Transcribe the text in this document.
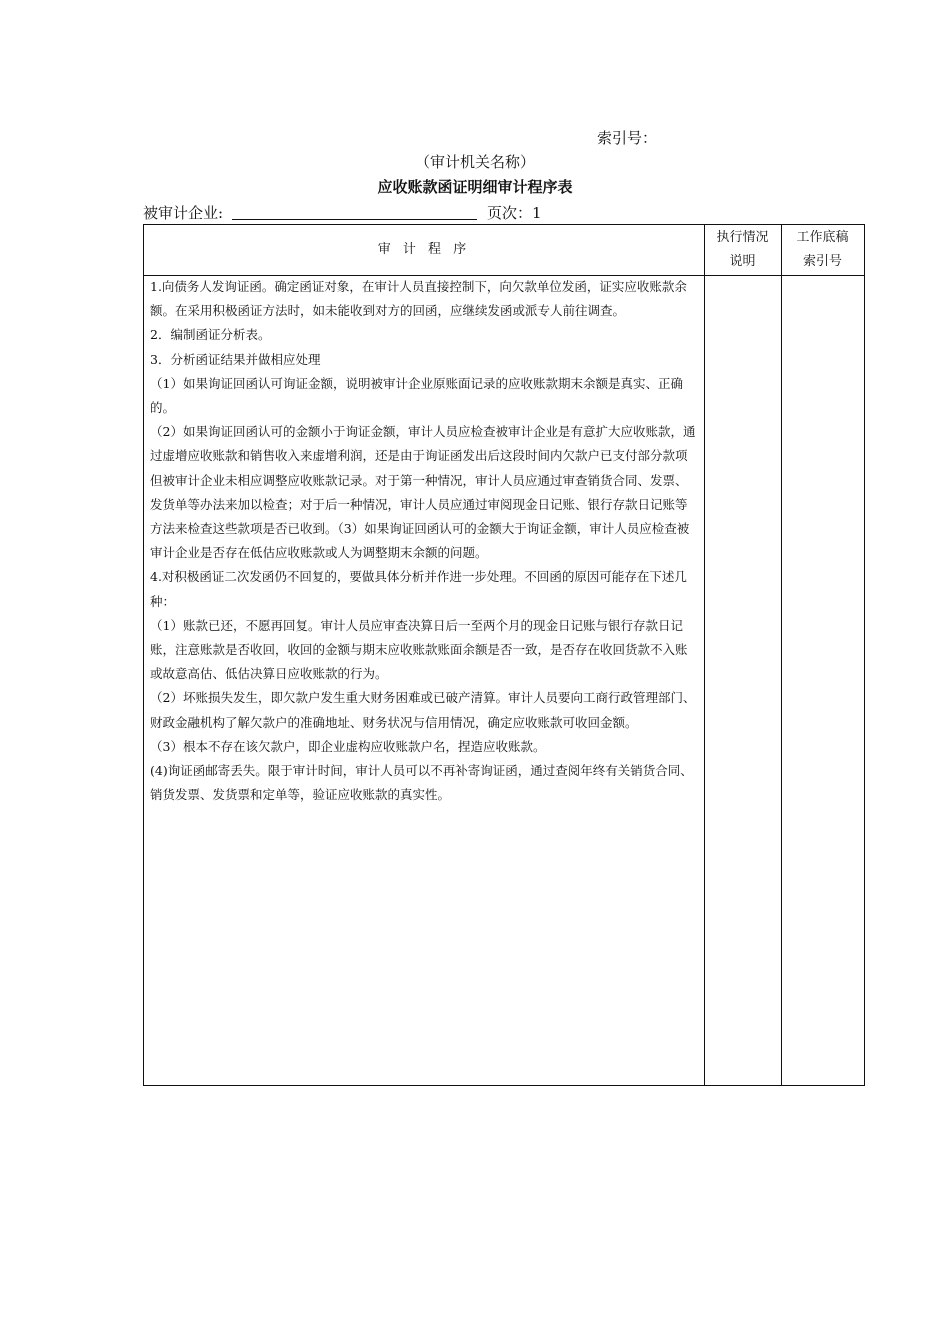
索引号：
（审计机关名称）
应收账款函证明细审计程序表
被审计企业:	页次：1
审 计 程 序
执行情况说明
工作底稿索引号

1.向债务人发询证函。确定函证对象，在审计人员直接控制下，向欠款单位发函，证实应收账款余额。在采用积极函证方法时，如未能收到对方的回函，应继续发函或派专人前往调查。

2．编制函证分析表。

3．分析函证结果并做相应处理

（1）如果询证回函认可询证金额，说明被审计企业原账面记录的应收账款期末余额是真实、正确的。

（2）如果询证回函认可的金额小于询证金额，审计人员应检查被审计企业是有意扩大应收账款，通过虚增应收账款和销售收入来虚增利润，还是由于询证函发出后这段时间内欠款户已支付部分款项但被审计企业未相应调整应收账款记录。对于第一种情况，审计人员应通过审查销货合同、发票、发货单等办法来加以检查；对于后一种情况，审计人员应通过审阅现金日记账、银行存款日记账等方法来检查这些款项是否已收到。（3）如果询证回函认可的金额大于询证金额，审计人员应检查被审计企业是否存在低估应收账款或人为调整期末余额的问题。

4.对积极函证二次发函仍不回复的，要做具体分析并作进一步处理。不回函的原因可能存在下述几种：

（1）账款已还，不愿再回复。审计人员应审查决算日后一至两个月的现金日记账与银行存款日记账，注意账款是否收回，收回的金额与期末应收账款账面余额是否一致，是否存在收回货款不入账或故意高估、低估决算日应收账款的行为。

（2）坏账损失发生，即欠款户发生重大财务困难或已破产清算。审计人员要向工商行政管理部门、财政金融机构了解欠款户的准确地址、财务状况与信用情况，确定应收账款可收回金额。

（3）根本不存在该欠款户，即企业虚构应收账款户名，捏造应收账款。

(4)询证函邮寄丢失。限于审计时间，审计人员可以不再补寄询证函，通过查阅年终有关销货合同、销货发票、发货票和定单等，验证应收账款的真实性。
